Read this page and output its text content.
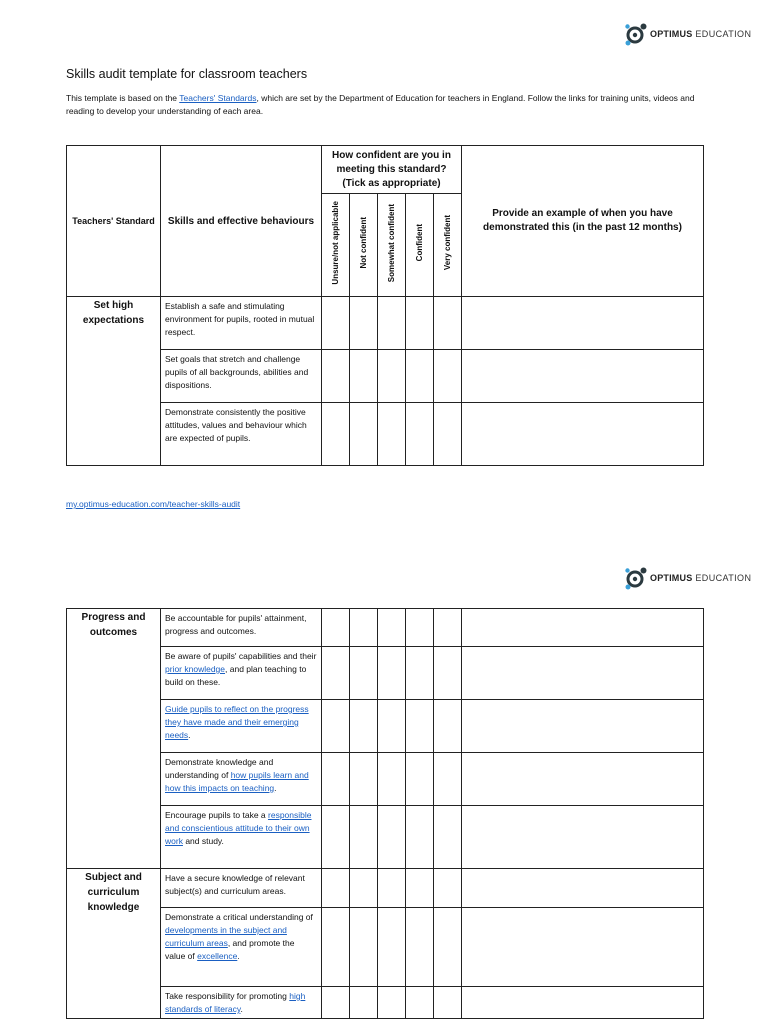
OPTIMUS EDUCATION
Skills audit template for classroom teachers
This template is based on the Teachers' Standards, which are set by the Department of Education for teachers in England. Follow the links for training units, videos and reading to develop your understanding of each area.
Teachers' Standard	Skills and effective behaviours	How confident are you in meeting this standard? (Tick as appropriate)					Provide an example of when you have demonstrated this (in the past 12 months)
		Unsure/not applicable	Not confident	Somewhat confident	Confident	Very confident	
Set high expectations	Establish a safe and stimulating environment for pupils, rooted in mutual respect.						
	Set goals that stretch and challenge pupils of all backgrounds, abilities and dispositions.						
	Demonstrate consistently the positive attitudes, values and behaviour which are expected of pupils.						
my.optimus-education.com/teacher-skills-audit
OPTIMUS EDUCATION
Progress and outcomes	Be accountable for pupils' attainment, progress and outcomes.						
	Be aware of pupils' capabilities and their prior knowledge, and plan teaching to build on these.						
	Guide pupils to reflect on the progress they have made and their emerging needs.						
	Demonstrate knowledge and understanding of how pupils learn and how this impacts on teaching.						
	Encourage pupils to take a responsible and conscientious attitude to their own work and study.						
Subject and curriculum knowledge	Have a secure knowledge of relevant subject(s) and curriculum areas.						
	Demonstrate a critical understanding of developments in the subject and curriculum areas, and promote the value of excellence.						
	Take responsibility for promoting high standards of literacy.						
